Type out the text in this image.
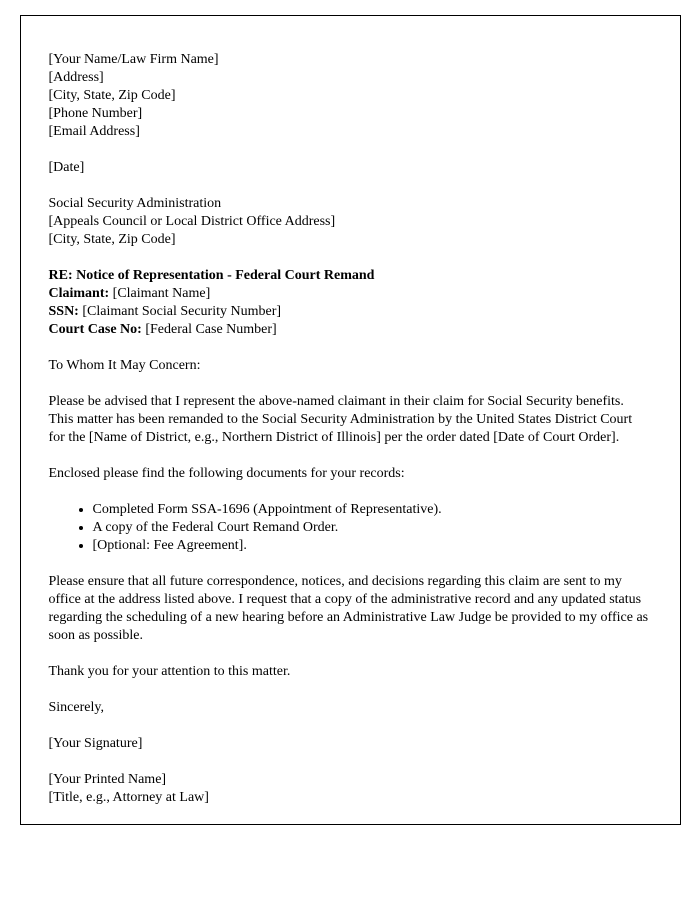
[Your Name/Law Firm Name]
[Address]
[City, State, Zip Code]
[Phone Number]
[Email Address]
[Date]
Social Security Administration
[Appeals Council or Local District Office Address]
[City, State, Zip Code]
RE: Notice of Representation - Federal Court Remand
Claimant: [Claimant Name]
SSN: [Claimant Social Security Number]
Court Case No: [Federal Case Number]

To Whom It May Concern:

Please be advised that I represent the above-named claimant in their claim for Social Security benefits. This matter has been remanded to the Social Security Administration by the United States District Court for the [Name of District, e.g., Northern District of Illinois] per the order dated [Date of Court Order].

Enclosed please find the following documents for your records:

• Completed Form SSA-1696 (Appointment of Representative).
• A copy of the Federal Court Remand Order.
• [Optional: Fee Agreement].

Please ensure that all future correspondence, notices, and decisions regarding this claim are sent to my office at the address listed above. I request that a copy of the administrative record and any updated status regarding the scheduling of a new hearing before an Administrative Law Judge be provided to my office as soon as possible.

Thank you for your attention to this matter.

Sincerely,

[Your Signature]

[Your Printed Name]
[Title, e.g., Attorney at Law]
